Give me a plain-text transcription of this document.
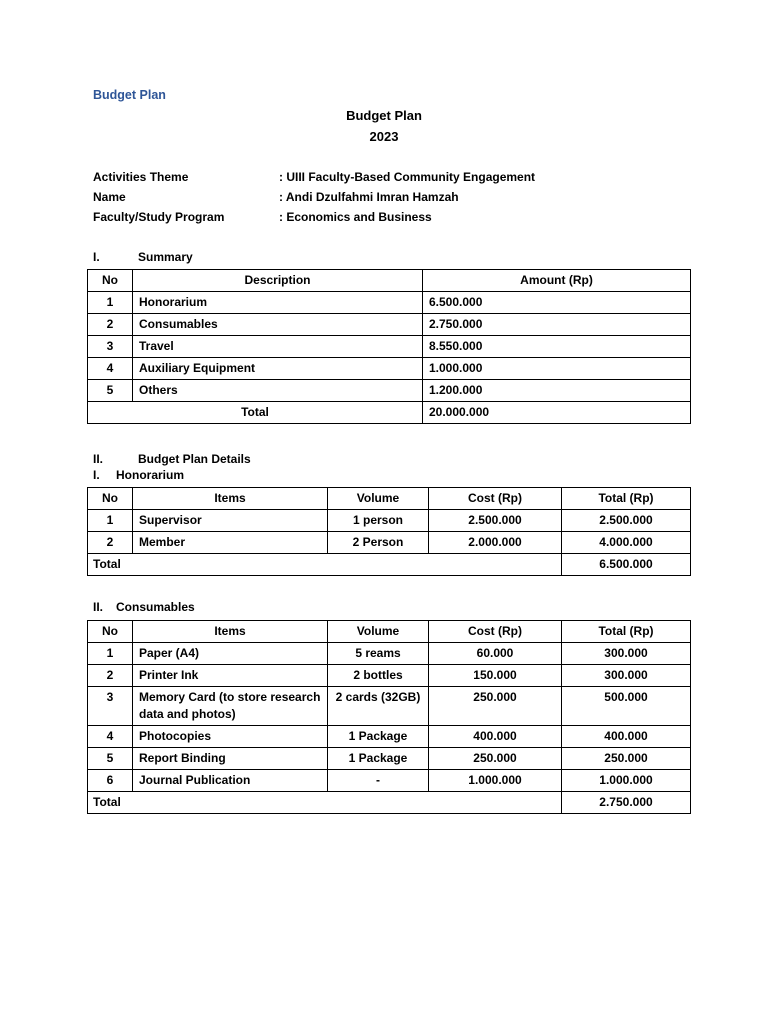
Budget Plan
Budget Plan
2023
Activities Theme	: UIII Faculty-Based Community Engagement
Name	: Andi Dzulfahmi Imran Hamzah
Faculty/Study Program	: Economics and Business
I.	Summary
No	Description	Amount (Rp)
1	Honorarium	6.500.000
2	Consumables	2.750.000
3	Travel	8.550.000
4	Auxiliary Equipment	1.000.000
5	Others	1.200.000
Total		20.000.000
II.	Budget Plan Details
I. Honorarium
No	Items	Volume	Cost (Rp)	Total (Rp)
1	Supervisor	1 person	2.500.000	2.500.000
2	Member	2 Person	2.000.000	4.000.000
Total				6.500.000
II. Consumables
No	Items	Volume	Cost (Rp)	Total (Rp)
1	Paper (A4)	5 reams	60.000	300.000
2	Printer Ink	2 bottles	150.000	300.000
3	Memory Card (to store research data and photos)	2 cards (32GB)	250.000	500.000
4	Photocopies	1 Package	400.000	400.000
5	Report Binding	1 Package	250.000	250.000
6	Journal Publication	-	1.000.000	1.000.000
Total				2.750.000
